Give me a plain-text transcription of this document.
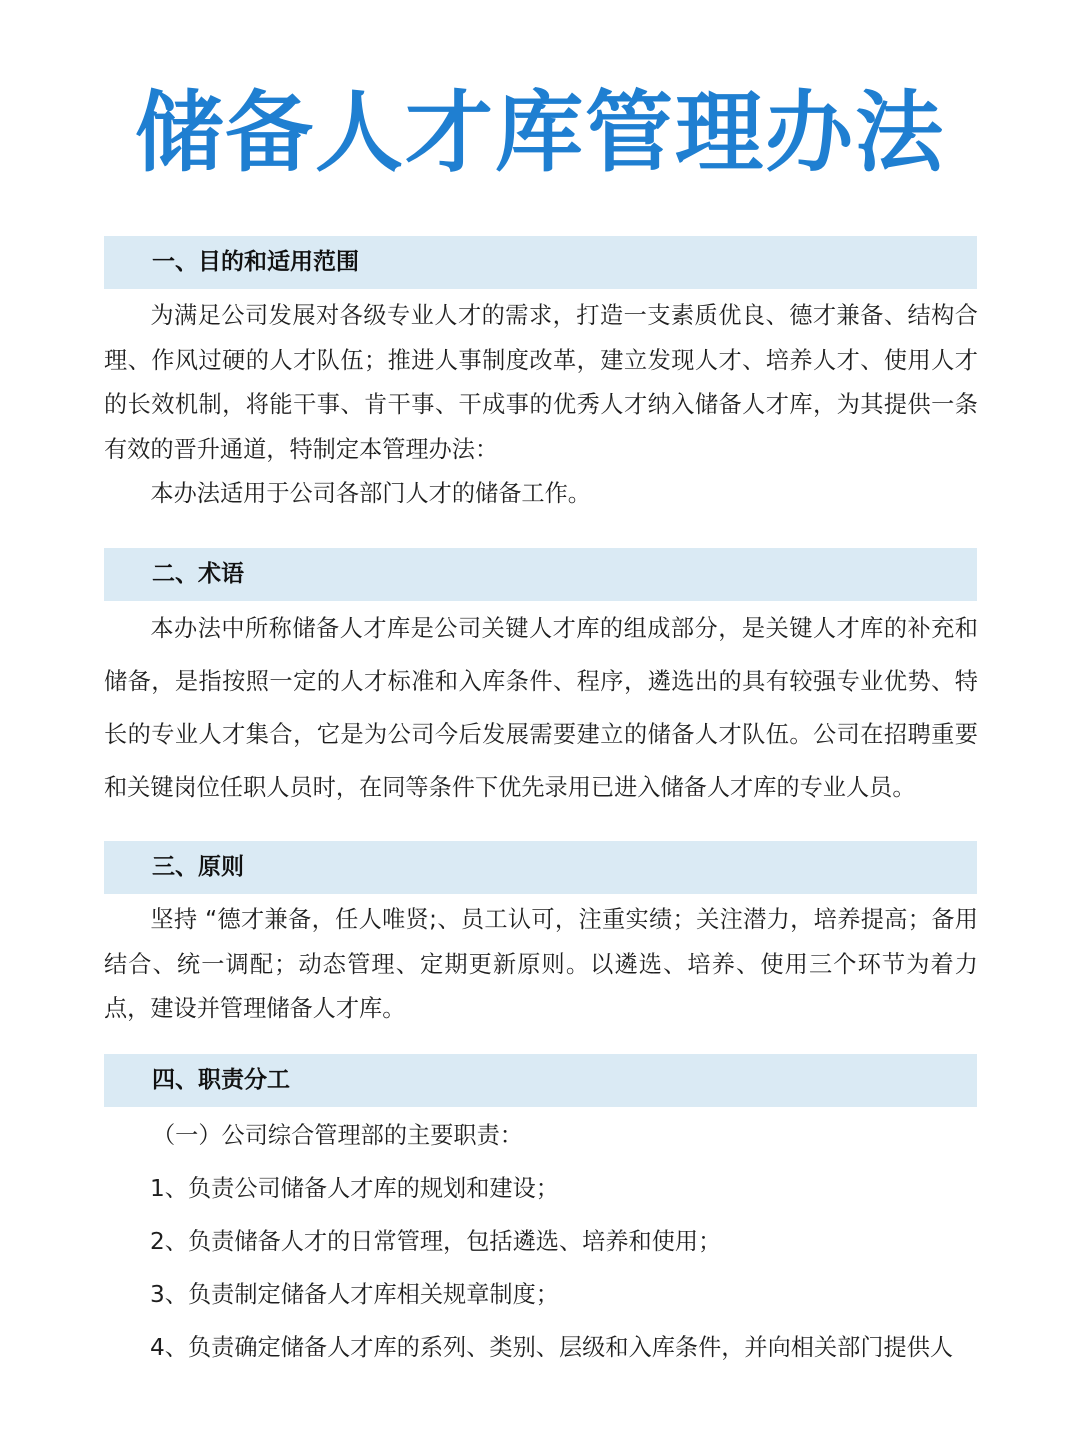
储备人才库管理办法
一、目的和适用范围

为满足公司发展对各级专业人才的需求，打造一支素质优良、德才兼备、结构合理、作风过硬的人才队伍；推进人事制度改革，建立发现人才、培养人才、使用人才的长效机制，将能干事、肯干事、干成事的优秀人才纳入储备人才库，为其提供一条有效的晋升通道，特制定本管理办法：

本办法适用于公司各部门人才的储备工作。

二、术语

本办法中所称储备人才库是公司关键人才库的组成部分，是关键人才库的补充和储备，是指按照一定的人才标准和入库条件、程序，遴选出的具有较强专业优势、特长的专业人才集合，它是为公司今后发展需要建立的储备人才队伍。公司在招聘重要和关键岗位任职人员时，在同等条件下优先录用已进入储备人才库的专业人员。

三、原则

坚持 “德才兼备，任人唯贤;、员工认可，注重实绩；关注潜力，培养提高；备用结合、统一调配；动态管理、定期更新原则。以遴选、培养、使用三个环节为着力点，建设并管理储备人才库。

四、职责分工
（一）公司综合管理部的主要职责：
1、负责公司储备人才库的规划和建设；
2、负责储备人才的日常管理，包括遴选、培养和使用；
3、负责制定储备人才库相关规章制度；
4、负责确定储备人才库的系列、类别、层级和入库条件，并向相关部门提供人
